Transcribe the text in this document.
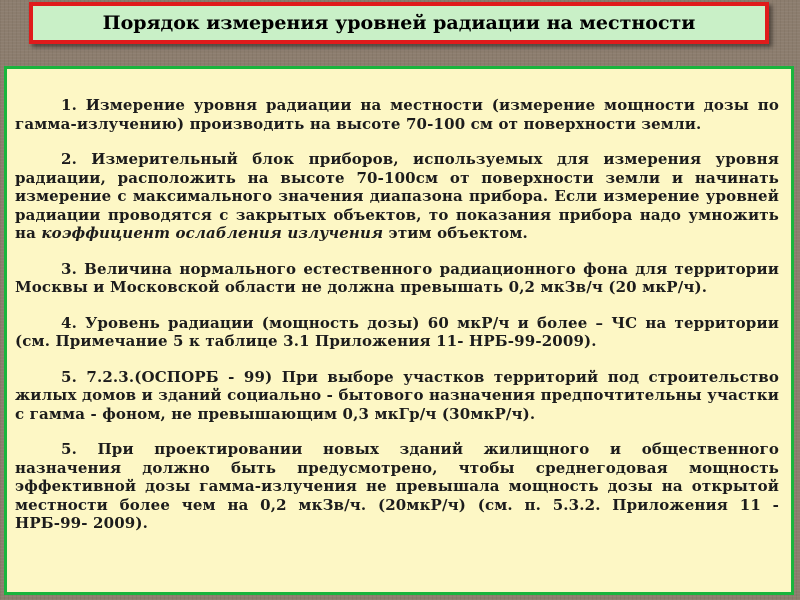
Порядок измерения уровней радиации на местности

1. Измерение уровня радиации на местности (измерение мощности дозы по гамма-излучению) производить на высоте 70-100 см от поверхности земли.

2. Измерительный блок приборов, используемых для измерения уровня радиации, расположить на высоте 70-100см от поверхности земли и начинать измерение с максимального значения диапазона прибора. Если измерение уровней радиации проводятся с закрытых объектов, то показания прибора надо умножить на коэффициент ослабления излучения этим объектом.

3. Величина нормального естественного радиационного фона для территории Москвы и Московской области не должна превышать 0,2 мкЗв/ч (20 мкР/ч).

4. Уровень радиации (мощность дозы) 60 мкР/ч и более – ЧС на территории (см. Примечание 5 к таблице 3.1 Приложения 11- НРБ-99-2009).

5. 7.2.3.(ОСПОРБ - 99) При выборе участков территорий под строительство жилых домов и зданий социально - бытового назначения предпочтительны участки с гамма - фоном, не превышающим 0,3 мкГр/ч (30мкР/ч).

5. При проектировании новых зданий жилищного и общественного назначения должно быть предусмотрено, чтобы среднегодовая мощность эффективной дозы гамма-излучения не превышала мощность дозы на открытой местности более чем на 0,2 мкЗв/ч. (20мкР/ч) (см. п. 5.3.2. Приложения 11 - НРБ-99- 2009).
